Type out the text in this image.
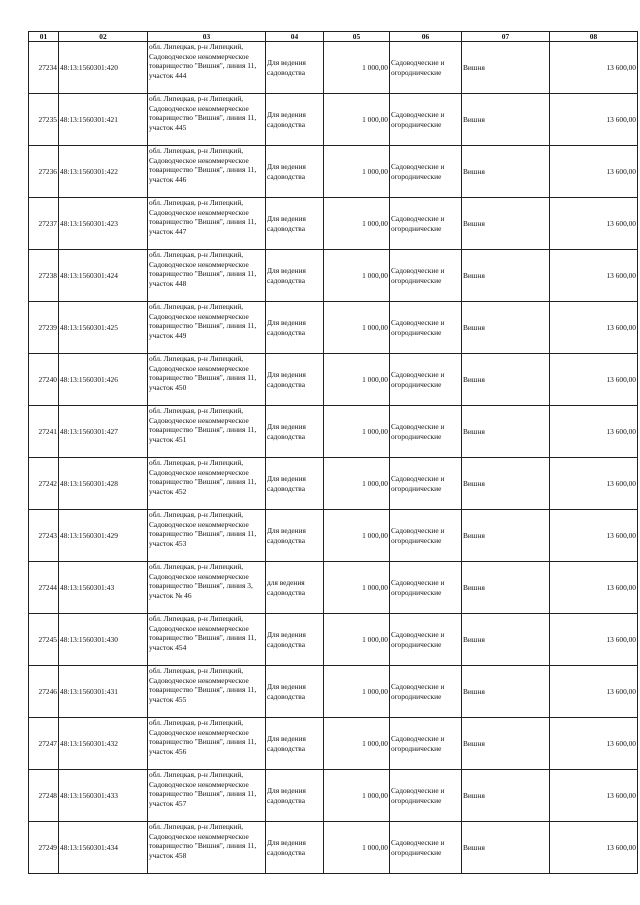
01	02	03	04	05	06	07	08
27234	48:13:1560301:420	обл. Липецкая, р-н Липецкий, Садоводческое некоммерческое товарищество "Вишня", линия 11, участок 444	Для ведения садоводства	1 000,00	Садоводческие и огороднические	Вишня	13 600,00
27235	48:13:1560301:421	обл. Липецкая, р-н Липецкий, Садоводческое некоммерческое товарищество "Вишня", линия 11, участок 445	Для ведения садоводства	1 000,00	Садоводческие и огороднические	Вишня	13 600,00
27236	48:13:1560301:422	обл. Липецкая, р-н Липецкий, Садоводческое некоммерческое товарищество "Вишня", линия 11, участок 446	Для ведения садоводства	1 000,00	Садоводческие и огороднические	Вишня	13 600,00
27237	48:13:1560301:423	обл. Липецкая, р-н Липецкий, Садоводческое некоммерческое товарищество "Вишня", линия 11, участок 447	Для ведения садоводства	1 000,00	Садоводческие и огороднические	Вишня	13 600,00
27238	48:13:1560301:424	обл. Липецкая, р-н Липецкий, Садоводческое некоммерческое товарищество "Вишня", линия 11, участок 448	Для ведения садоводства	1 000,00	Садоводческие и огороднические	Вишня	13 600,00
27239	48:13:1560301:425	обл. Липецкая, р-н Липецкий, Садоводческое некоммерческое товарищество "Вишня", линия 11, участок 449	Для ведения садоводства	1 000,00	Садоводческие и огороднические	Вишня	13 600,00
27240	48:13:1560301:426	обл. Липецкая, р-н Липецкий, Садоводческое некоммерческое товарищество "Вишня", линия 11, участок 450	Для ведения садоводства	1 000,00	Садоводческие и огороднические	Вишня	13 600,00
27241	48:13:1560301:427	обл. Липецкая, р-н Липецкий, Садоводческое некоммерческое товарищество "Вишня", линия 11, участок 451	Для ведения садоводства	1 000,00	Садоводческие и огороднические	Вишня	13 600,00
27242	48:13:1560301:428	обл. Липецкая, р-н Липецкий, Садоводческое некоммерческое товарищество "Вишня", линия 11, участок 452	Для ведения садоводства	1 000,00	Садоводческие и огороднические	Вишня	13 600,00
27243	48:13:1560301:429	обл. Липецкая, р-н Липецкий, Садоводческое некоммерческое товарищество "Вишня", линия 11, участок 453	Для ведения садоводства	1 000,00	Садоводческие и огороднические	Вишня	13 600,00
27244	48:13:1560301:43	обл. Липецкая, р-н Липецкий, Садоводческое некоммерческое товарищество "Вишня", линия 3, участок № 46	для ведения садоводства	1 000,00	Садоводческие и огороднические	Вишня	13 600,00
27245	48:13:1560301:430	обл. Липецкая, р-н Липецкий, Садоводческое некоммерческое товарищество "Вишня", линия 11, участок 454	Для ведения садоводства	1 000,00	Садоводческие и огороднические	Вишня	13 600,00
27246	48:13:1560301:431	обл. Липецкая, р-н Липецкий, Садоводческое некоммерческое товарищество "Вишня", линия 11, участок 455	Для ведения садоводства	1 000,00	Садоводческие и огороднические	Вишня	13 600,00
27247	48:13:1560301:432	обл. Липецкая, р-н Липецкий, Садоводческое некоммерческое товарищество "Вишня", линия 11, участок 456	Для ведения садоводства	1 000,00	Садоводческие и огороднические	Вишня	13 600,00
27248	48:13:1560301:433	обл. Липецкая, р-н Липецкий, Садоводческое некоммерческое товарищество "Вишня", линия 11, участок 457	Для ведения садоводства	1 000,00	Садоводческие и огороднические	Вишня	13 600,00
27249	48:13:1560301:434	обл. Липецкая, р-н Липецкий, Садоводческое некоммерческое товарищество "Вишня", линия 11, участок 458	Для ведения садоводства	1 000,00	Садоводческие и огороднические	Вишня	13 600,00
